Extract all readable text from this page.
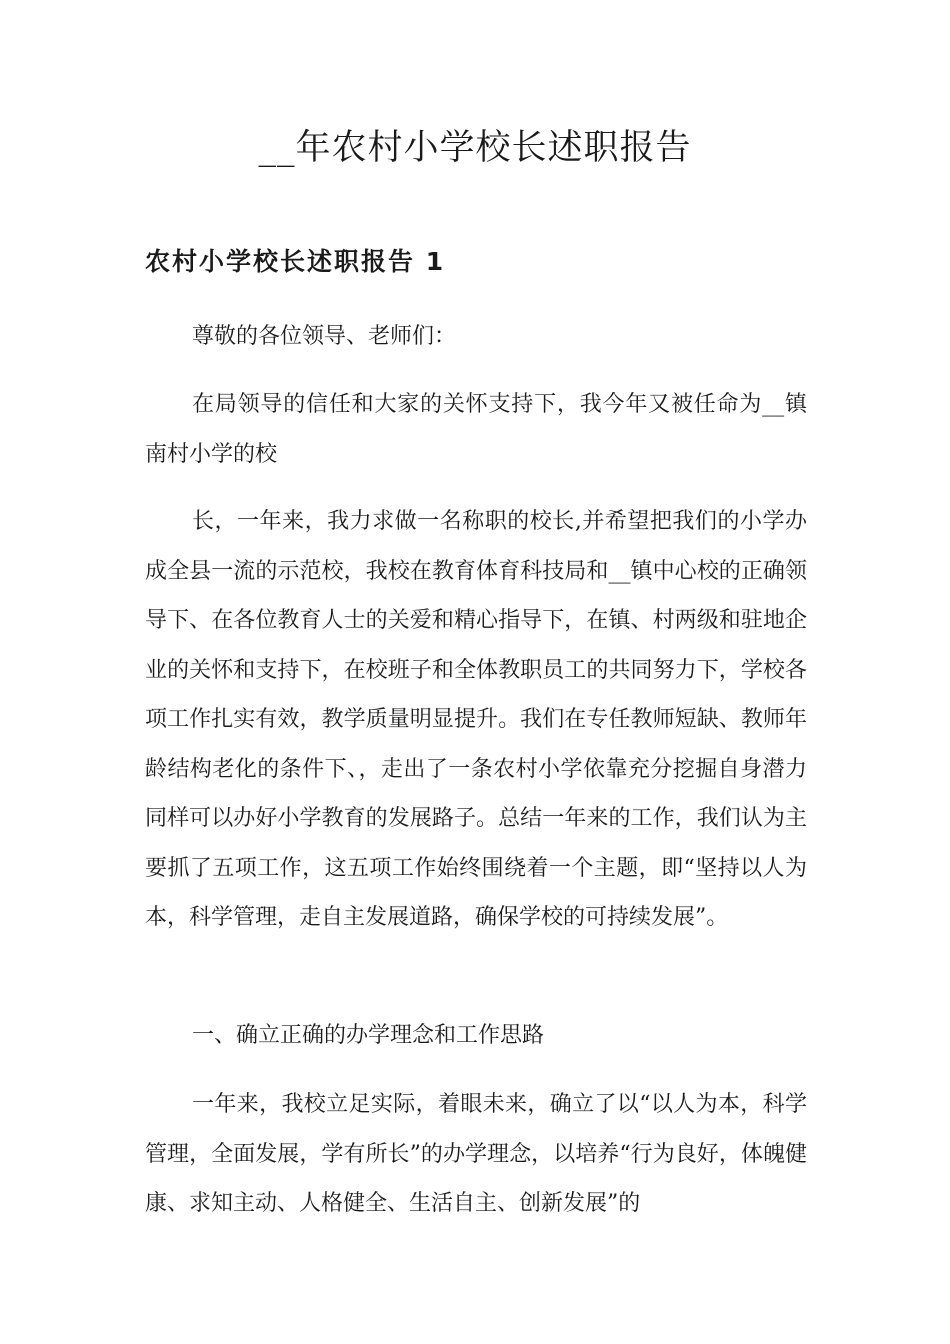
__年农村小学校长述职报告
农村小学校长述职报告 1

尊敬的各位领导、老师们：

在局领导的信任和大家的关怀支持下，我今年又被任命为__镇南村小学的校

长，一年来，我力求做一名称职的校长,并希望把我们的小学办成全县一流的示范校，我校在教育体育科技局和__镇中心校的正确领导下、在各位教育人士的关爱和精心指导下，在镇、村两级和驻地企业的关怀和支持下，在校班子和全体教职员工的共同努力下，学校各项工作扎实有效，教学质量明显提升。我们在专任教师短缺、教师年龄结构老化的条件下、，走出了一条农村小学依靠充分挖掘自身潜力同样可以办好小学教育的发展路子。总结一年来的工作，我们认为主要抓了五项工作，这五项工作始终围绕着一个主题，即“坚持以人为本，科学管理，走自主发展道路，确保学校的可持续发展”。

一、确立正确的办学理念和工作思路

一年来，我校立足实际，着眼未来，确立了以“以人为本，科学管理，全面发展，学有所长”的办学理念，以培养“行为良好，体魄健康、求知主动、人格健全、生活自主、创新发展”的
